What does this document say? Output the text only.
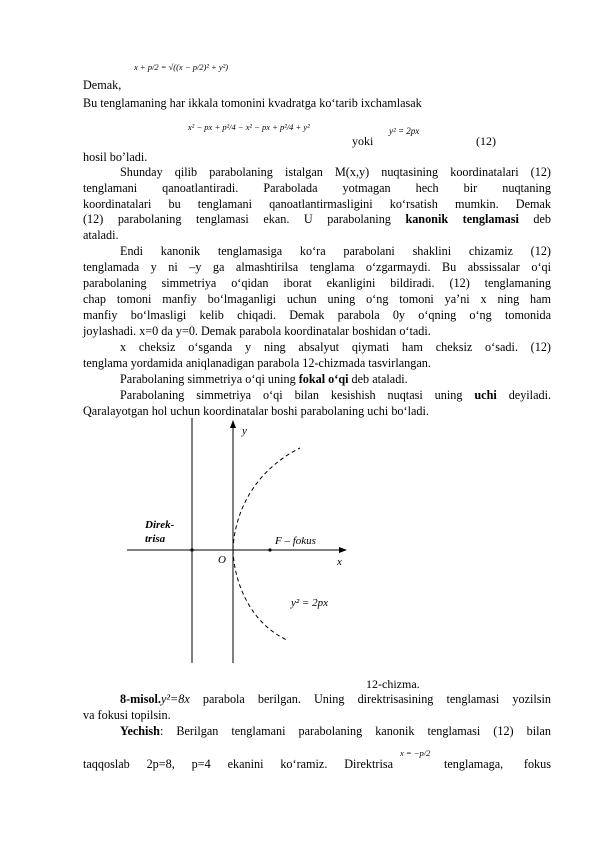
Demak,
x + p/2 = √((x − p/2)² + y²)
Bu tenglamaning har ikkala tomonini kvadratga ko‘tarib ixchamlasak
x² − px + p²/4 − x² − px + p²/4 + y²
yoki
y² = 2px
(12)
hosil bo’ladi.
Shunday qilib parabolaning istalgan M(x,y) nuqtasining koordinatalari (12)
tenglamani qanoatlantiradi. Parabolada yotmagan hech bir nuqtaning
koordinatalari bu tenglamani qanoatlantirmasligini ko‘rsatish mumkin. Demak
(12) parabolaning tenglamasi ekan. U parabolaning kanonik tenglamasi deb
ataladi.
Endi kanonik tenglamasiga ko‘ra parabolani shaklini chizamiz (12)
tenglamada y ni –y ga almashtirilsa tenglama o‘zgarmaydi. Bu abssissalar o‘qi
parabolaning simmetriya o‘qidan iborat ekanligini bildiradi. (12) tenglamaning
chap tomoni manfiy bo‘lmaganligi uchun uning o‘ng tomoni ya’ni x ning ham
manfiy bo‘lmasligi kelib chiqadi. Demak parabola 0y o‘qning o‘ng tomonida
joylashadi. x=0 da y=0. Demak parabola koordinatalar boshidan o‘tadi.
x cheksiz o‘sganda y ning absalyut qiymati ham cheksiz o‘sadi. (12)
tenglama yordamida aniqlanadigan parabola 12-chizmada tasvirlangan.
Parabolaning simmetriya o‘qi uning fokal o‘qi deb ataladi.
Parabolaning simmetriya o‘qi bilan kesishish nuqtasi uning uchi deyiladi.
Qaralayotgan hol uchun koordinatalar boshi parabolaning uchi bo‘ladi.
y
x
O
Direk-
trisa	F – fokus
y² = 2px
12-chizma.
8-misol.y²=8x parabola berilgan. Uning direktrisasining tenglamasi yozilsin
va fokusi topilsin.
Yechish: Berilgan tenglamani parabolaning kanonik tenglamasi (12) bilan
taqqoslab 2p=8, p=4 ekanini ko‘ramiz. Direktrisa
x = −p/2
tenglamaga, fokus
